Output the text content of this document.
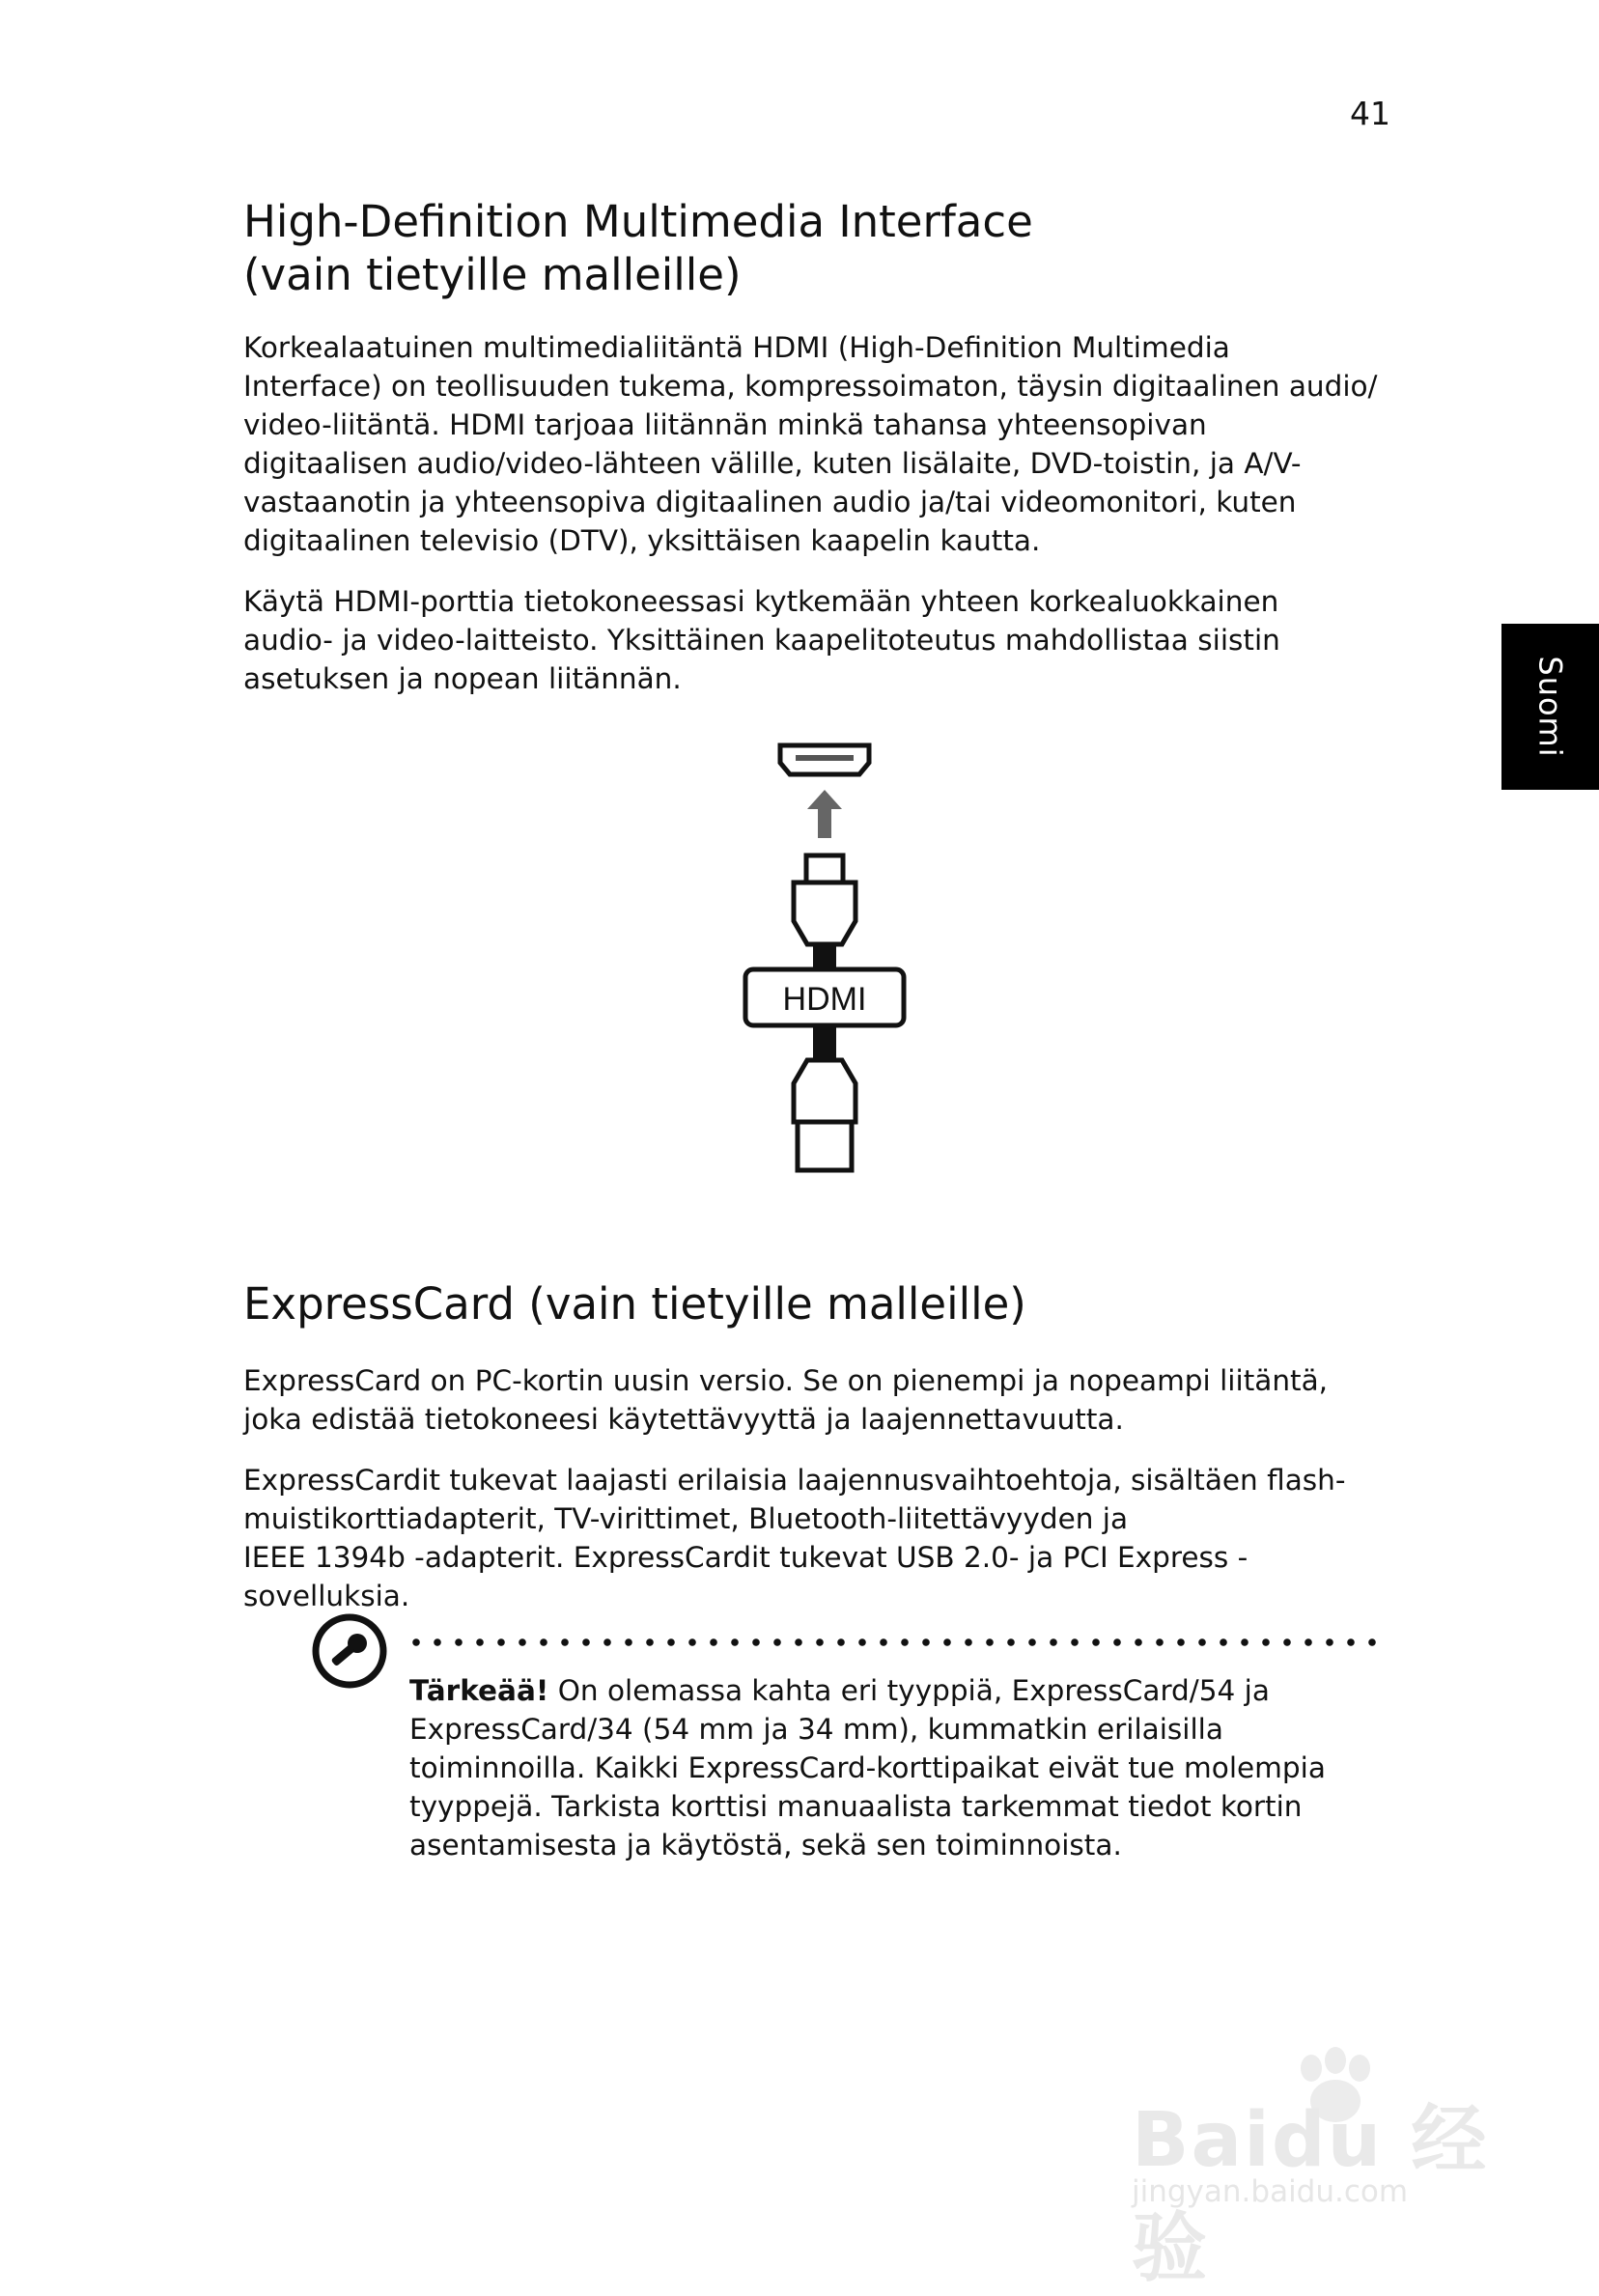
41
Suomi
High-Definition Multimedia Interface
(vain tietyille malleille)

Korkealaatuinen multimedialiitäntä HDMI (High-Definition Multimedia
Interface) on teollisuuden tukema, kompressoimaton, täysin digitaalinen audio/
video-liitäntä. HDMI tarjoaa liitännän minkä tahansa yhteensopivan
digitaalisen audio/video-lähteen välille, kuten lisälaite, DVD-toistin, ja A/V-
vastaanotin ja yhteensopiva digitaalinen audio ja/tai videomonitori, kuten
digitaalinen televisio (DTV), yksittäisen kaapelin kautta.

Käytä HDMI-porttia tietokoneessasi kytkemään yhteen korkealuokkainen
audio- ja video-laitteisto. Yksittäinen kaapelitoteutus mahdollistaa siistin
asetuksen ja nopean liitännän.

HDMI
ExpressCard (vain tietyille malleille)

ExpressCard on PC-kortin uusin versio. Se on pienempi ja nopeampi liitäntä,
joka edistää tietokoneesi käytettävyyttä ja laajennettavuutta.

ExpressCardit tukevat laajasti erilaisia laajennusvaihtoehtoja, sisältäen flash-
muistikorttiadapterit, TV-virittimet, Bluetooth-liitettävyyden ja
IEEE 1394b -adapterit. ExpressCardit tukevat USB 2.0- ja PCI Express -sovelluksia.

Tärkeää! On olemassa kahta eri tyyppiä, ExpressCard/54 ja
ExpressCard/34 (54 mm ja 34 mm), kummatkin erilaisilla
toiminnoilla. Kaikki ExpressCard-korttipaikat eivät tue molempia
tyyppejä. Tarkista korttisi manuaalista tarkemmat tiedot kortin
asentamisesta ja käytöstä, sekä sen toiminnoista.

Baidu 经验
jingyan.baidu.com
